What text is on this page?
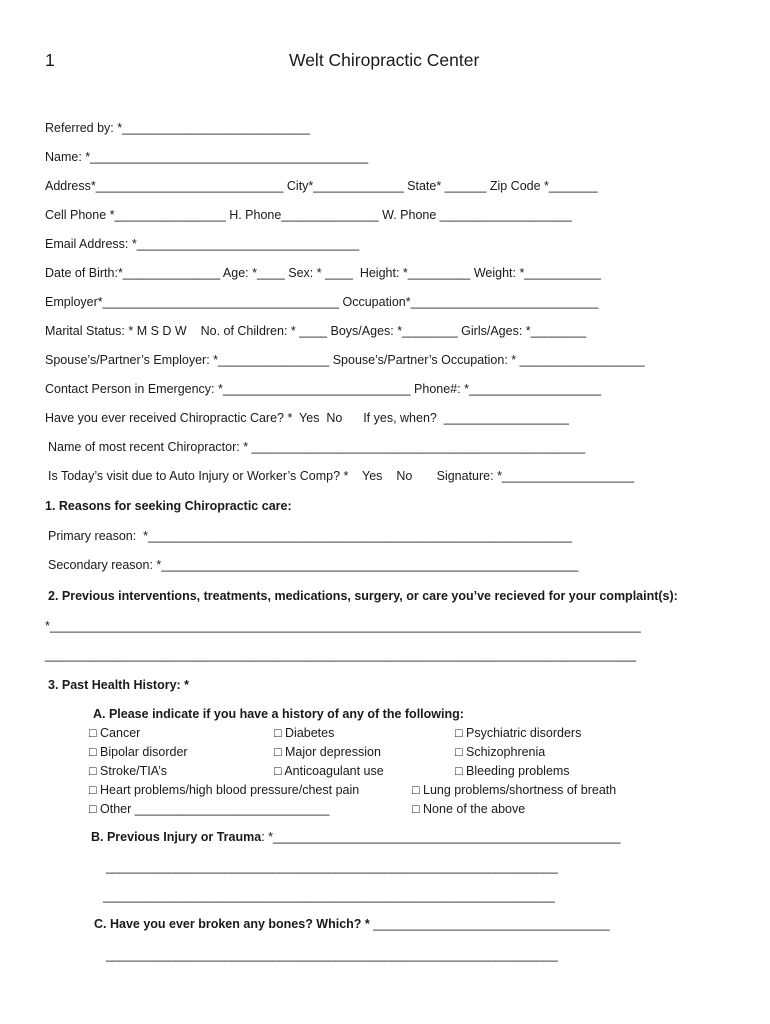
1	Welt Chiropractic Center
Referred by: *___________________________
Name: *________________________________________
Address*___________________________ City*_____________ State* ______ Zip Code *_______
Cell Phone *________________ H. Phone______________ W. Phone ___________________
Email Address: *________________________________
Date of Birth:*______________ Age: *____ Sex: * ____  Height: *_________ Weight: *___________
Employer*__________________________________ Occupation*___________________________
Marital Status: * M S D W    No. of Children: * ____ Boys/Ages: *________ Girls/Ages: *________
Spouse’s/Partner’s Employer: *________________ Spouse’s/Partner’s Occupation: * __________________
Contact Person in Emergency: *___________________________ Phone#: *___________________
Have you ever received Chiropractic Care? *  Yes  No      If yes, when?  __________________
Name of most recent Chiropractor: * ________________________________________________
Is Today’s visit due to Auto Injury or Worker’s Comp? *    Yes    No       Signature: *___________________
1. Reasons for seeking Chiropractic care:
Primary reason:  *_____________________________________________________________
Secondary reason: *____________________________________________________________
2. Previous interventions, treatments, medications, surgery, or care you’ve recieved for your complaint(s):
*_____________________________________________________________________________________
_____________________________________________________________________________________
3. Past Health History: *
A. Please indicate if you have a history of any of the following:
□ Cancer	□ Diabetes	□ Psychiatric disorders
□ Bipolar disorder	□ Major depression	□ Schizophrenia
□ Stroke/TIA’s	□ Anticoagulant use	□ Bleeding problems
□ Heart problems/high blood pressure/chest pain	□ Lung problems/shortness of breath
□ Other ____________________________	□ None of the above
B. Previous Injury or Trauma: *__________________________________________________
_________________________________________________________________
_________________________________________________________________
C. Have you ever broken any bones? Which? * __________________________________
_________________________________________________________________
